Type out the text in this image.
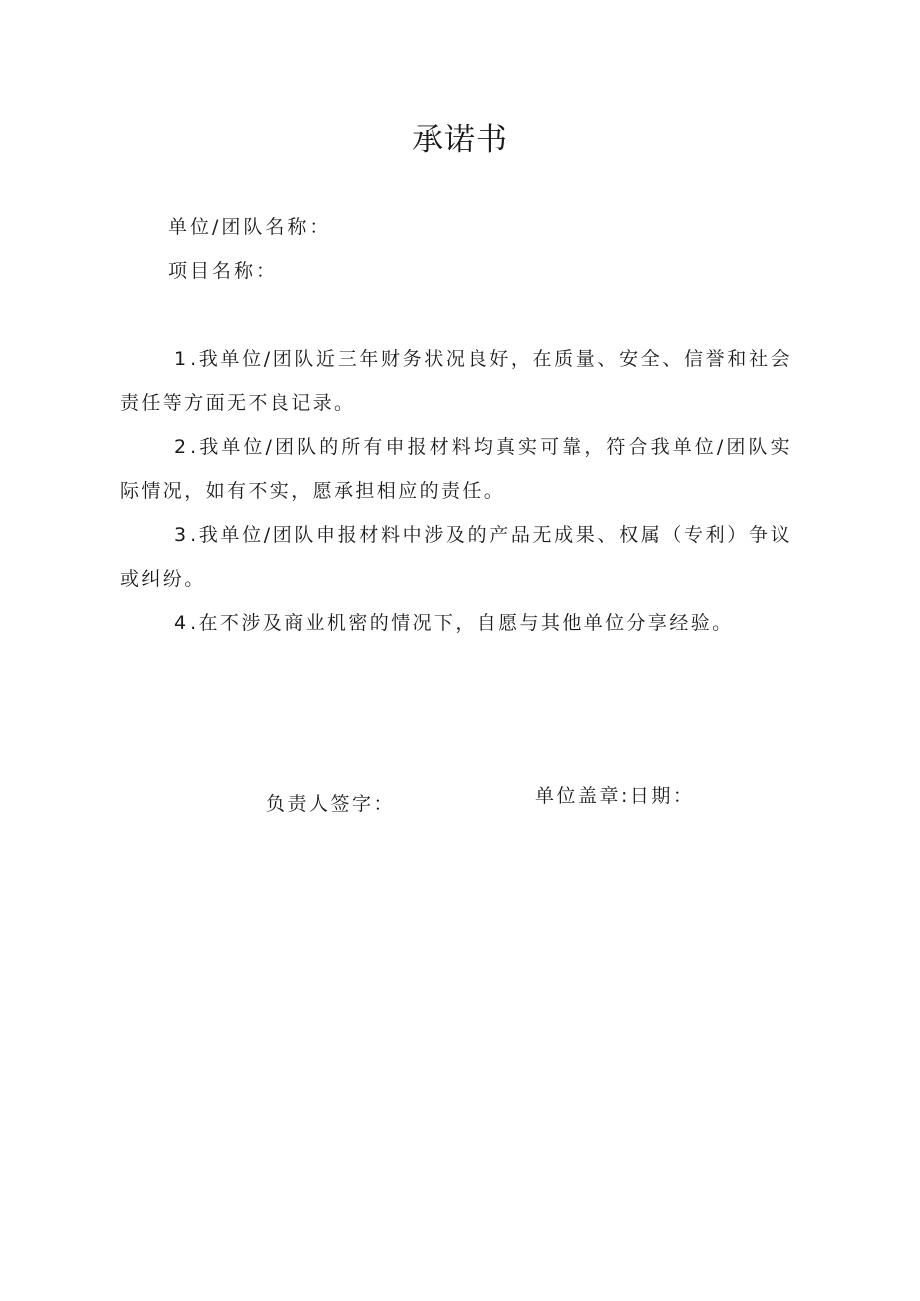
承诺书
单位/团队名称：
项目名称：

1.我单位/团队近三年财务状况良好，在质量、安全、信誉和社会责任等方面无不良记录。

2.我单位/团队的所有申报材料均真实可靠，符合我单位/团队实际情况，如有不实，愿承担相应的责任。

3.我单位/团队申报材料中涉及的产品无成果、权属（专利）争议或纠纷。

4.在不涉及商业机密的情况下，自愿与其他单位分享经验。

负责人签字：	单位盖章:日期：
